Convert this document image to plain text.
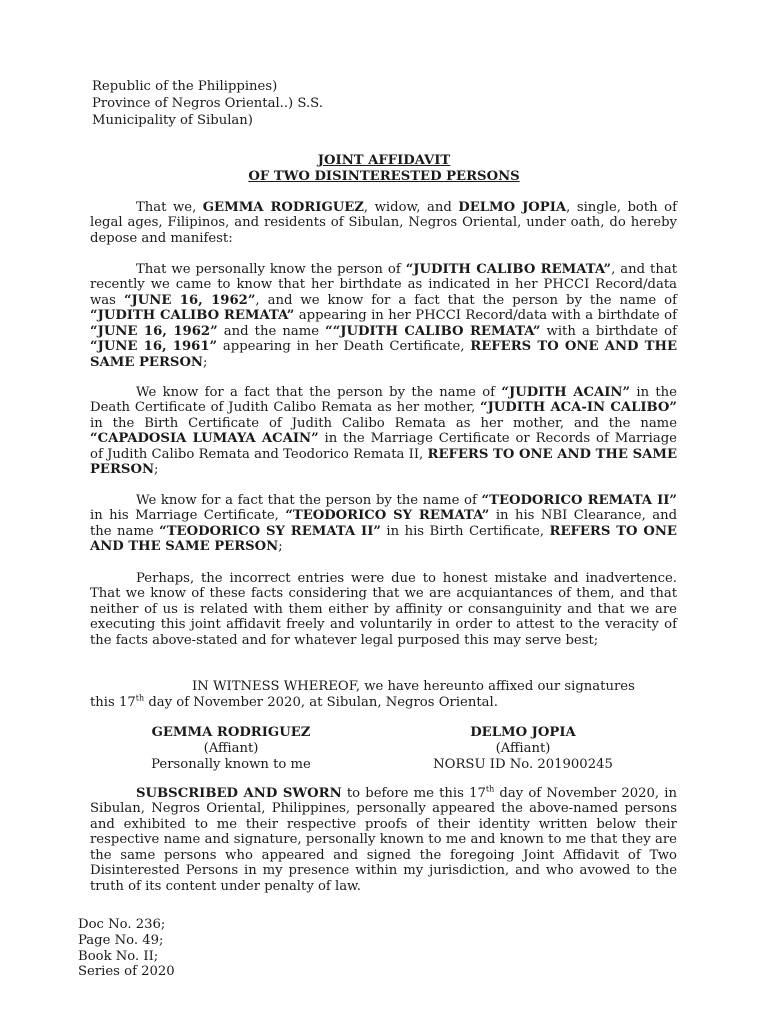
Republic of the Philippines)
Province of Negros Oriental..) S.S.
Municipality of Sibulan)
JOINT AFFIDAVIT
OF TWO DISINTERESTED PERSONS

That we, GEMMA RODRIGUEZ, widow, and DELMO JOPIA, single, both of legal ages, Filipinos, and residents of Sibulan, Negros Oriental, under oath, do hereby depose and manifest:

That we personally know the person of “JUDITH CALIBO REMATA”, and that recently we came to know that her birthdate as indicated in her PHCCI Record/data was “JUNE 16, 1962”, and we know for a fact that the person by the name of “JUDITH CALIBO REMATA” appearing in her PHCCI Record/data with a birthdate of “JUNE 16, 1962” and the name ““JUDITH CALIBO REMATA” with a birthdate of “JUNE 16, 1961” appearing in her Death Certificate, REFERS TO ONE AND THE SAME PERSON;

We know for a fact that the person by the name of “JUDITH ACAIN” in the Death Certificate of Judith Calibo Remata as her mother, “JUDITH ACA-IN CALIBO” in the Birth Certificate of Judith Calibo Remata as her mother, and the name “CAPADOSIA LUMAYA ACAIN” in the Marriage Certificate or Records of Marriage of Judith Calibo Remata and Teodorico Remata II, REFERS TO ONE AND THE SAME PERSON;

We know for a fact that the person by the name of “TEODORICO REMATA II” in his Marriage Certificate, “TEODORICO SY REMATA” in his NBI Clearance, and the name “TEODORICO SY REMATA II” in his Birth Certificate, REFERS TO ONE AND THE SAME PERSON;

Perhaps, the incorrect entries were due to honest mistake and inadvertence. That we know of these facts considering that we are acquiantances of them, and that neither of us is related with them either by affinity or consanguinity and that we are executing this joint affidavit freely and voluntarily in order to attest to the veracity of the facts above-stated and for whatever legal purposed this may serve best;

IN WITNESS WHEREOF, we have hereunto affixed our signatures
this 17th day of November 2020, at Sibulan, Negros Oriental.
GEMMA RODRIGUEZ
(Affiant)
Personally known to me
DELMO JOPIA
(Affiant)
NORSU ID No. 201900245

SUBSCRIBED AND SWORN to before me this 17th day of November 2020, in Sibulan, Negros Oriental, Philippines, personally appeared the above-named persons and exhibited to me their respective proofs of their identity written below their respective name and signature, personally known to me and known to me that they are the same persons who appeared and signed the foregoing Joint Affidavit of Two Disinterested Persons in my presence within my jurisdiction, and who avowed to the truth of its content under penalty of law.

Doc No. 236;
Page No. 49;
Book No. II;
Series of 2020
